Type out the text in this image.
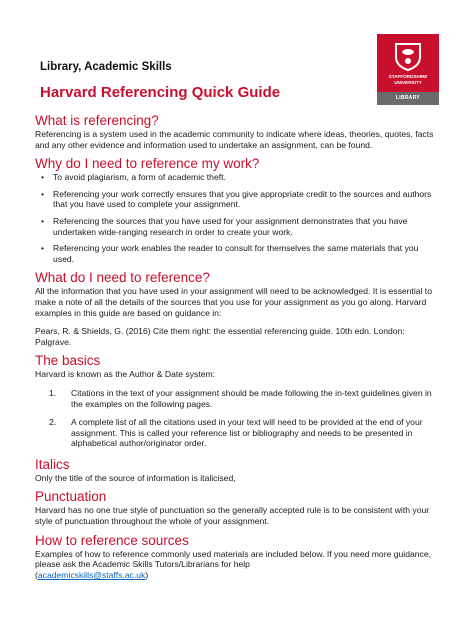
Library, Academic Skills
Harvard Referencing Quick Guide
STAFFORDSHIRE
UNIVERSITY
LIBRARY
What is referencing?

Referencing is a system used in the academic community to indicate where ideas, theories, quotes, facts and any other evidence and information used to undertake an assignment, can be found.

Why do I need to reference my work?
• To avoid plagiarism, a form of academic theft.
• Referencing your work correctly ensures that you give appropriate credit to the sources and authors that you have used to complete your assignment.
• Referencing the sources that you have used for your assignment demonstrates that you have undertaken wide-ranging research in order to create your work.
• Referencing your work enables the reader to consult for themselves the same materials that you used.
What do I need to reference?

All the information that you have used in your assignment will need to be acknowledged. It is essential to make a note of all the details of the sources that you use for your assignment as you go along. Harvard examples in this guide are based on guidance in:

Pears, R. & Shields, G. (2016) Cite them right: the essential referencing guide. 10th edn. London: Palgrave.

The basics

Harvard is known as the Author & Date system:

1. Citations in the text of your assignment should be made following the in-text guidelines given in the examples on the following pages.
2. A complete list of all the citations used in your text will need to be provided at the end of your assignment. This is called your reference list or bibliography and needs to be presented in alphabetical author/originator order.
Italics

Only the title of the source of information is italicised,

Punctuation

Harvard has no one true style of punctuation so the generally accepted rule is to be consistent with your style of punctuation throughout the whole of your assignment.

How to reference sources

Examples of how to reference commonly used materials are included below. If you need more guidance, please ask the Academic Skills Tutors/Librarians for help
(academicskills@staffs.ac.uk)
